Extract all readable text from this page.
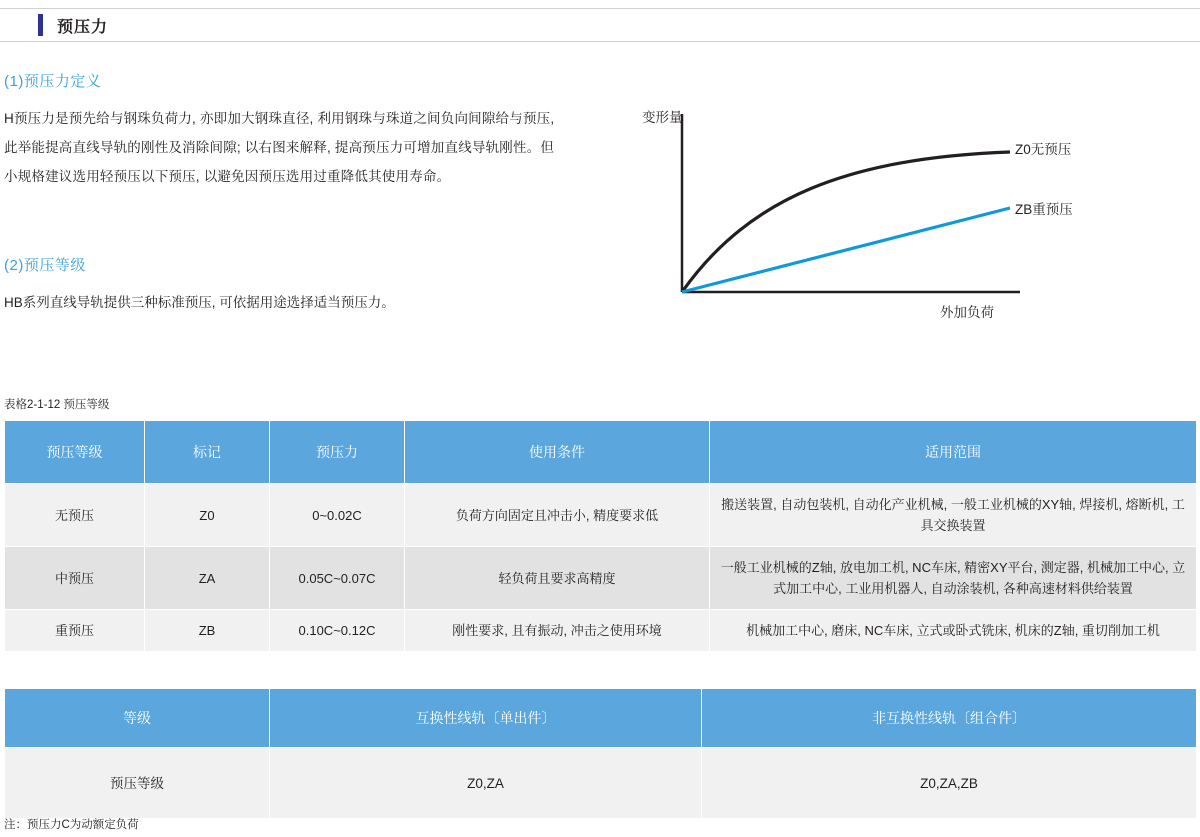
预压力
(1)预压力定义

H预压力是预先给与钢珠负荷力, 亦即加大钢珠直径, 利用钢珠与珠道之间负向间隙给与预压, 此举能提高直线导轨的刚性及消除间隙; 以右图来解释, 提高预压力可增加直线导轨刚性。但小规格建议选用轻预压以下预压, 以避免因预压选用过重降低其使用寿命。

(2)预压等级
HB系列直线导轨提供三种标准预压, 可依据用途选择适当预压力。
变形量
外加负荷
Z0无预压
ZB重预压
表格2-1-12 预压等级
预压等级	标记	预压力	使用条件	适用范围
无预压	Z0	0~0.02C	负荷方向固定且冲击小, 精度要求低	搬送装置, 自动包装机, 自动化产业机械, 一般工业机械的XY轴, 焊接机, 熔断机, 工具交换装置
中预压	ZA	0.05C~0.07C	轻负荷且要求高精度	一般工业机械的Z轴, 放电加工机, NC车床, 精密XY平台, 测定器, 机械加工中心, 立式加工中心, 工业用机器人, 自动涂装机, 各种高速材料供给装置
重预压	ZB	0.10C~0.12C	刚性要求, 且有振动, 冲击之使用环境	机械加工中心, 磨床, NC车床, 立式或卧式铣床, 机床的Z轴, 重切削加工机
等级	互换性线轨〔单出件〕	非互换性线轨〔组合件〕
预压等级	Z0,ZA	Z0,ZA,ZB
注：预压力C为动额定负荷
